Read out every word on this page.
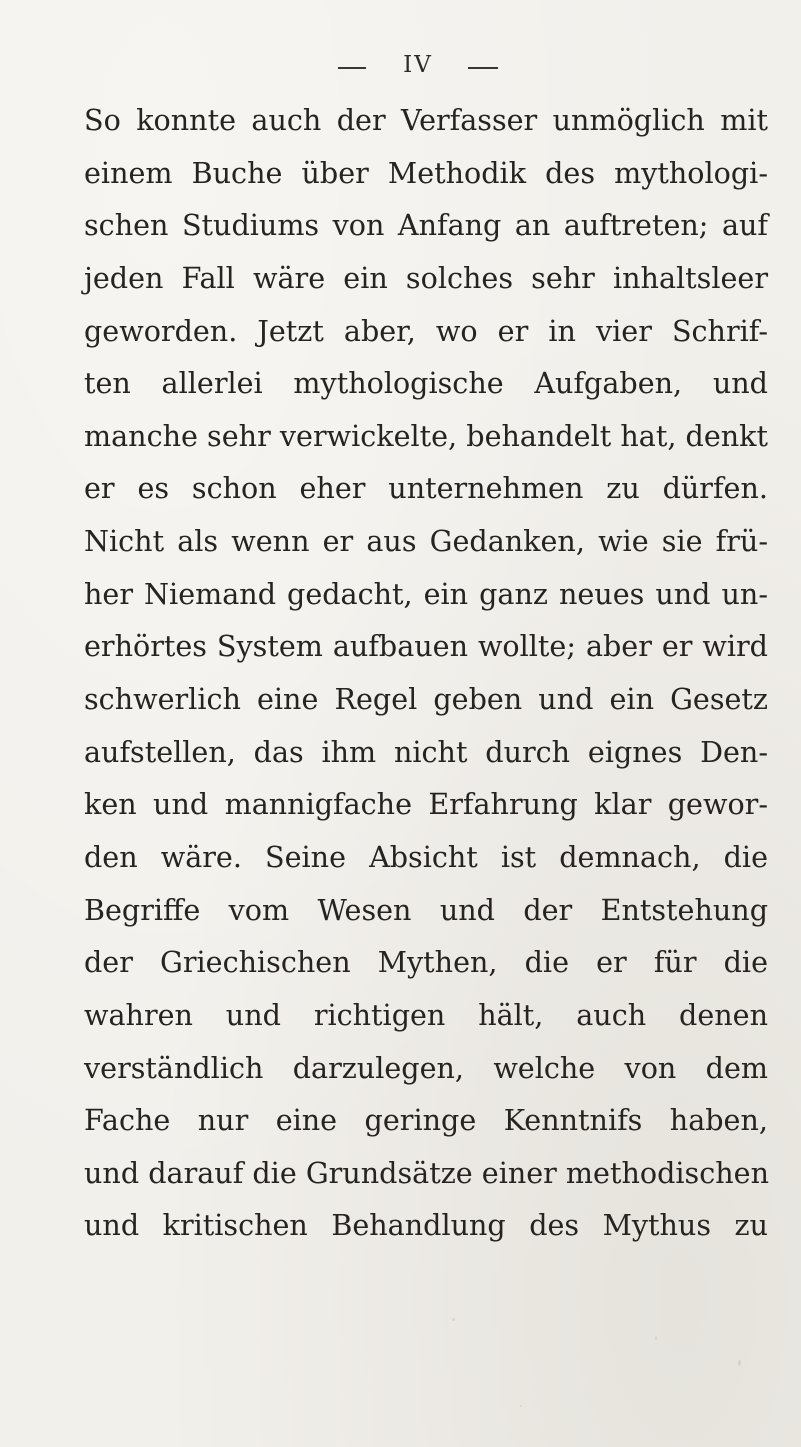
IV
So konnte auch der Verfasser unmöglich mit
einem Buche über Methodik des mythologi-
schen Studiums von Anfang an auftreten; auf
jeden Fall wäre ein solches sehr inhaltsleer
geworden. Jetzt aber, wo er in vier Schrif-
ten allerlei mythologische Aufgaben, und
manche sehr verwickelte, behandelt hat, denkt
er es schon eher unternehmen zu dürfen.
Nicht als wenn er aus Gedanken, wie sie frü-
her Niemand gedacht, ein ganz neues und un-
erhörtes System aufbauen wollte; aber er wird
schwerlich eine Regel geben und ein Gesetz
aufstellen, das ihm nicht durch eignes Den-
ken und mannigfache Erfahrung klar gewor-
den wäre. Seine Absicht ist demnach, die
Begriffe vom Wesen und der Entstehung
der Griechischen Mythen, die er für die
wahren und richtigen hält, auch denen
verständlich darzulegen, welche von dem
Fache nur eine geringe Kenntnifs haben,
und darauf die Grundsätze einer methodischen
und kritischen Behandlung des Mythus zu
